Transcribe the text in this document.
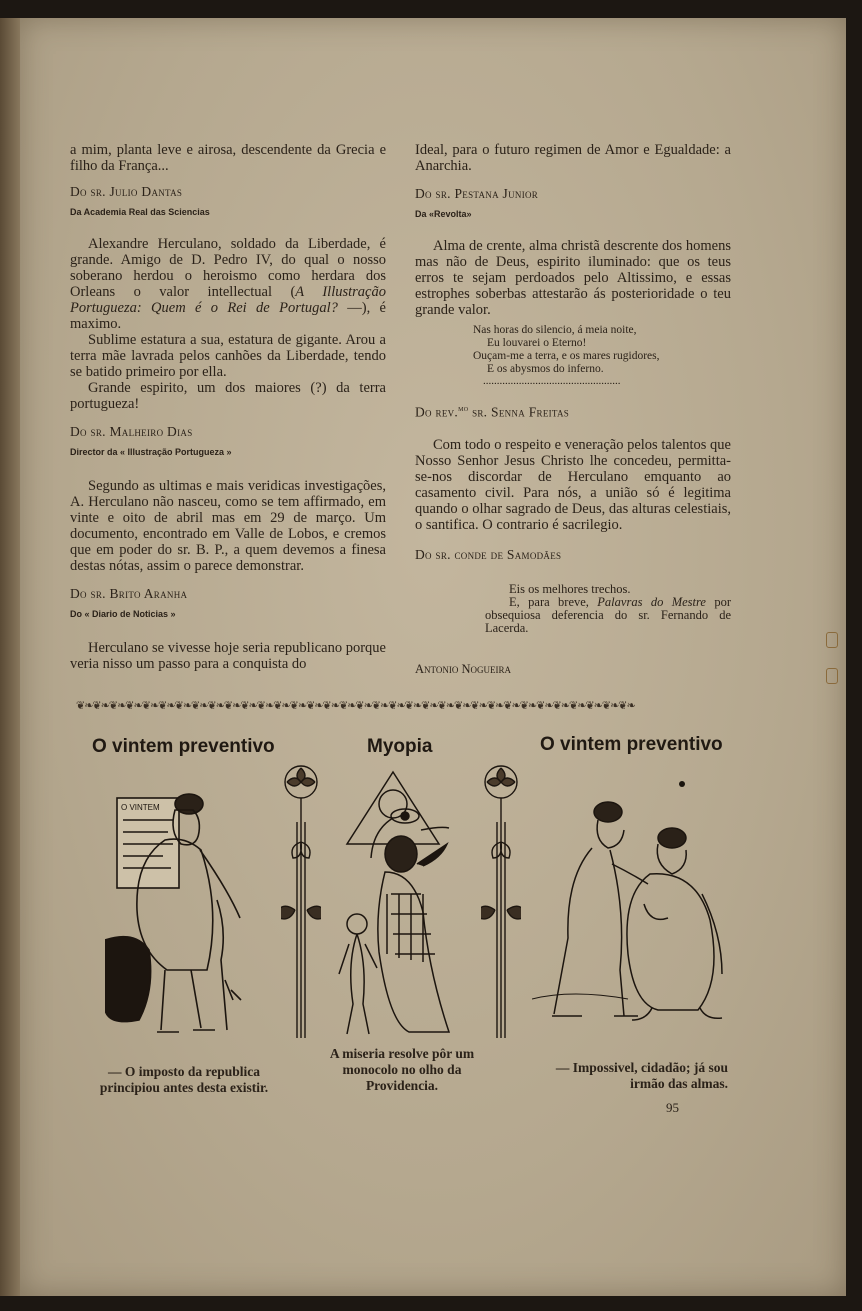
a mim, planta leve e airosa, descendente da Grecia e filho da França...

Do sr. Julio Dantas

Da Academia Real das Sciencias

Alexandre Herculano, soldado da Liberdade, é grande. Amigo de D. Pedro IV, do qual o nosso soberano herdou o heroismo como herdara dos Orleans o valor intellectual (A Illustração Portugueza: Quem é o Rei de Portugal? —), é maximo.

Sublime estatura a sua, estatura de gigante. Arou a terra mãe lavrada pelos canhões da Liberdade, tendo se batido primeiro por ella.

Grande espirito, um dos maiores (?) da terra portugueza!

Do sr. Malheiro Dias

Director da « Illustração Portugueza »

Segundo as ultimas e mais veridicas investigações, A. Herculano não nasceu, como se tem affirmado, em vinte e oito de abril mas em 29 de março. Um documento, encontrado em Valle de Lobos, e cremos que em poder do sr. B. P., a quem devemos a finesa destas nótas, assim o parece demonstrar.

Do sr. Brito Aranha

Do « Diario de Noticias »

Herculano se vivesse hoje seria republicano porque veria nisso um passo para a conquista do

Ideal, para o futuro regimen de Amor e Egualdade: a Anarchia.

Do sr. Pestana Junior

Da «Revolta»

Alma de crente, alma christã descrente dos homens mas não de Deus, espirito iluminado: que os teus erros te sejam perdoados pelo Altissimo, e essas estrophes soberbas attestarão ás posterioridade o teu grande valor.

Nas horas do silencio, á meia noite,
Eu louvarei o Eterno!
Ouçam-me a terra, e os mares rugidores,
E os abysmos do inferno.
..................................................

Do rev.$^{mo}$ sr. Senna Freitas

Com todo o respeito e veneração pelos talentos que Nosso Senhor Jesus Christo lhe concedeu, permitta-se-nos discordar de Herculano emquanto ao casamento civil. Para nós, a união só é legitima quando o olhar sagrado de Deus, das alturas celestiais, o santifica. O contrario é sacrilegio.

Do sr. conde de Samodães

Eis os melhores trechos.
E, para breve, Palavras do Mestre por obsequiosa deferencia do sr. Fernando de Lacerda.

Antonio Nogueira

❦❧❦❧❦❧❦❧❦❧❦❧❦❧❦❧❦❧❦❧❦❧❦❧❦❧❦❧❦❧❦❧❦❧❦❧❦❧❦❧❦❧❦❧❦❧❦❧❦❧❦❧❦❧❦❧❦❧❦❧❦❧❦❧❦❧❦❧
O vintem preventivo	Myopia	O vintem preventivo
O VINTEM
— O imposto da republica principiou antes desta existir.
A miseria resolve pôr um monocolo no olho da Providencia.
— Impossivel, cidadão; já sou irmão das almas.
95
